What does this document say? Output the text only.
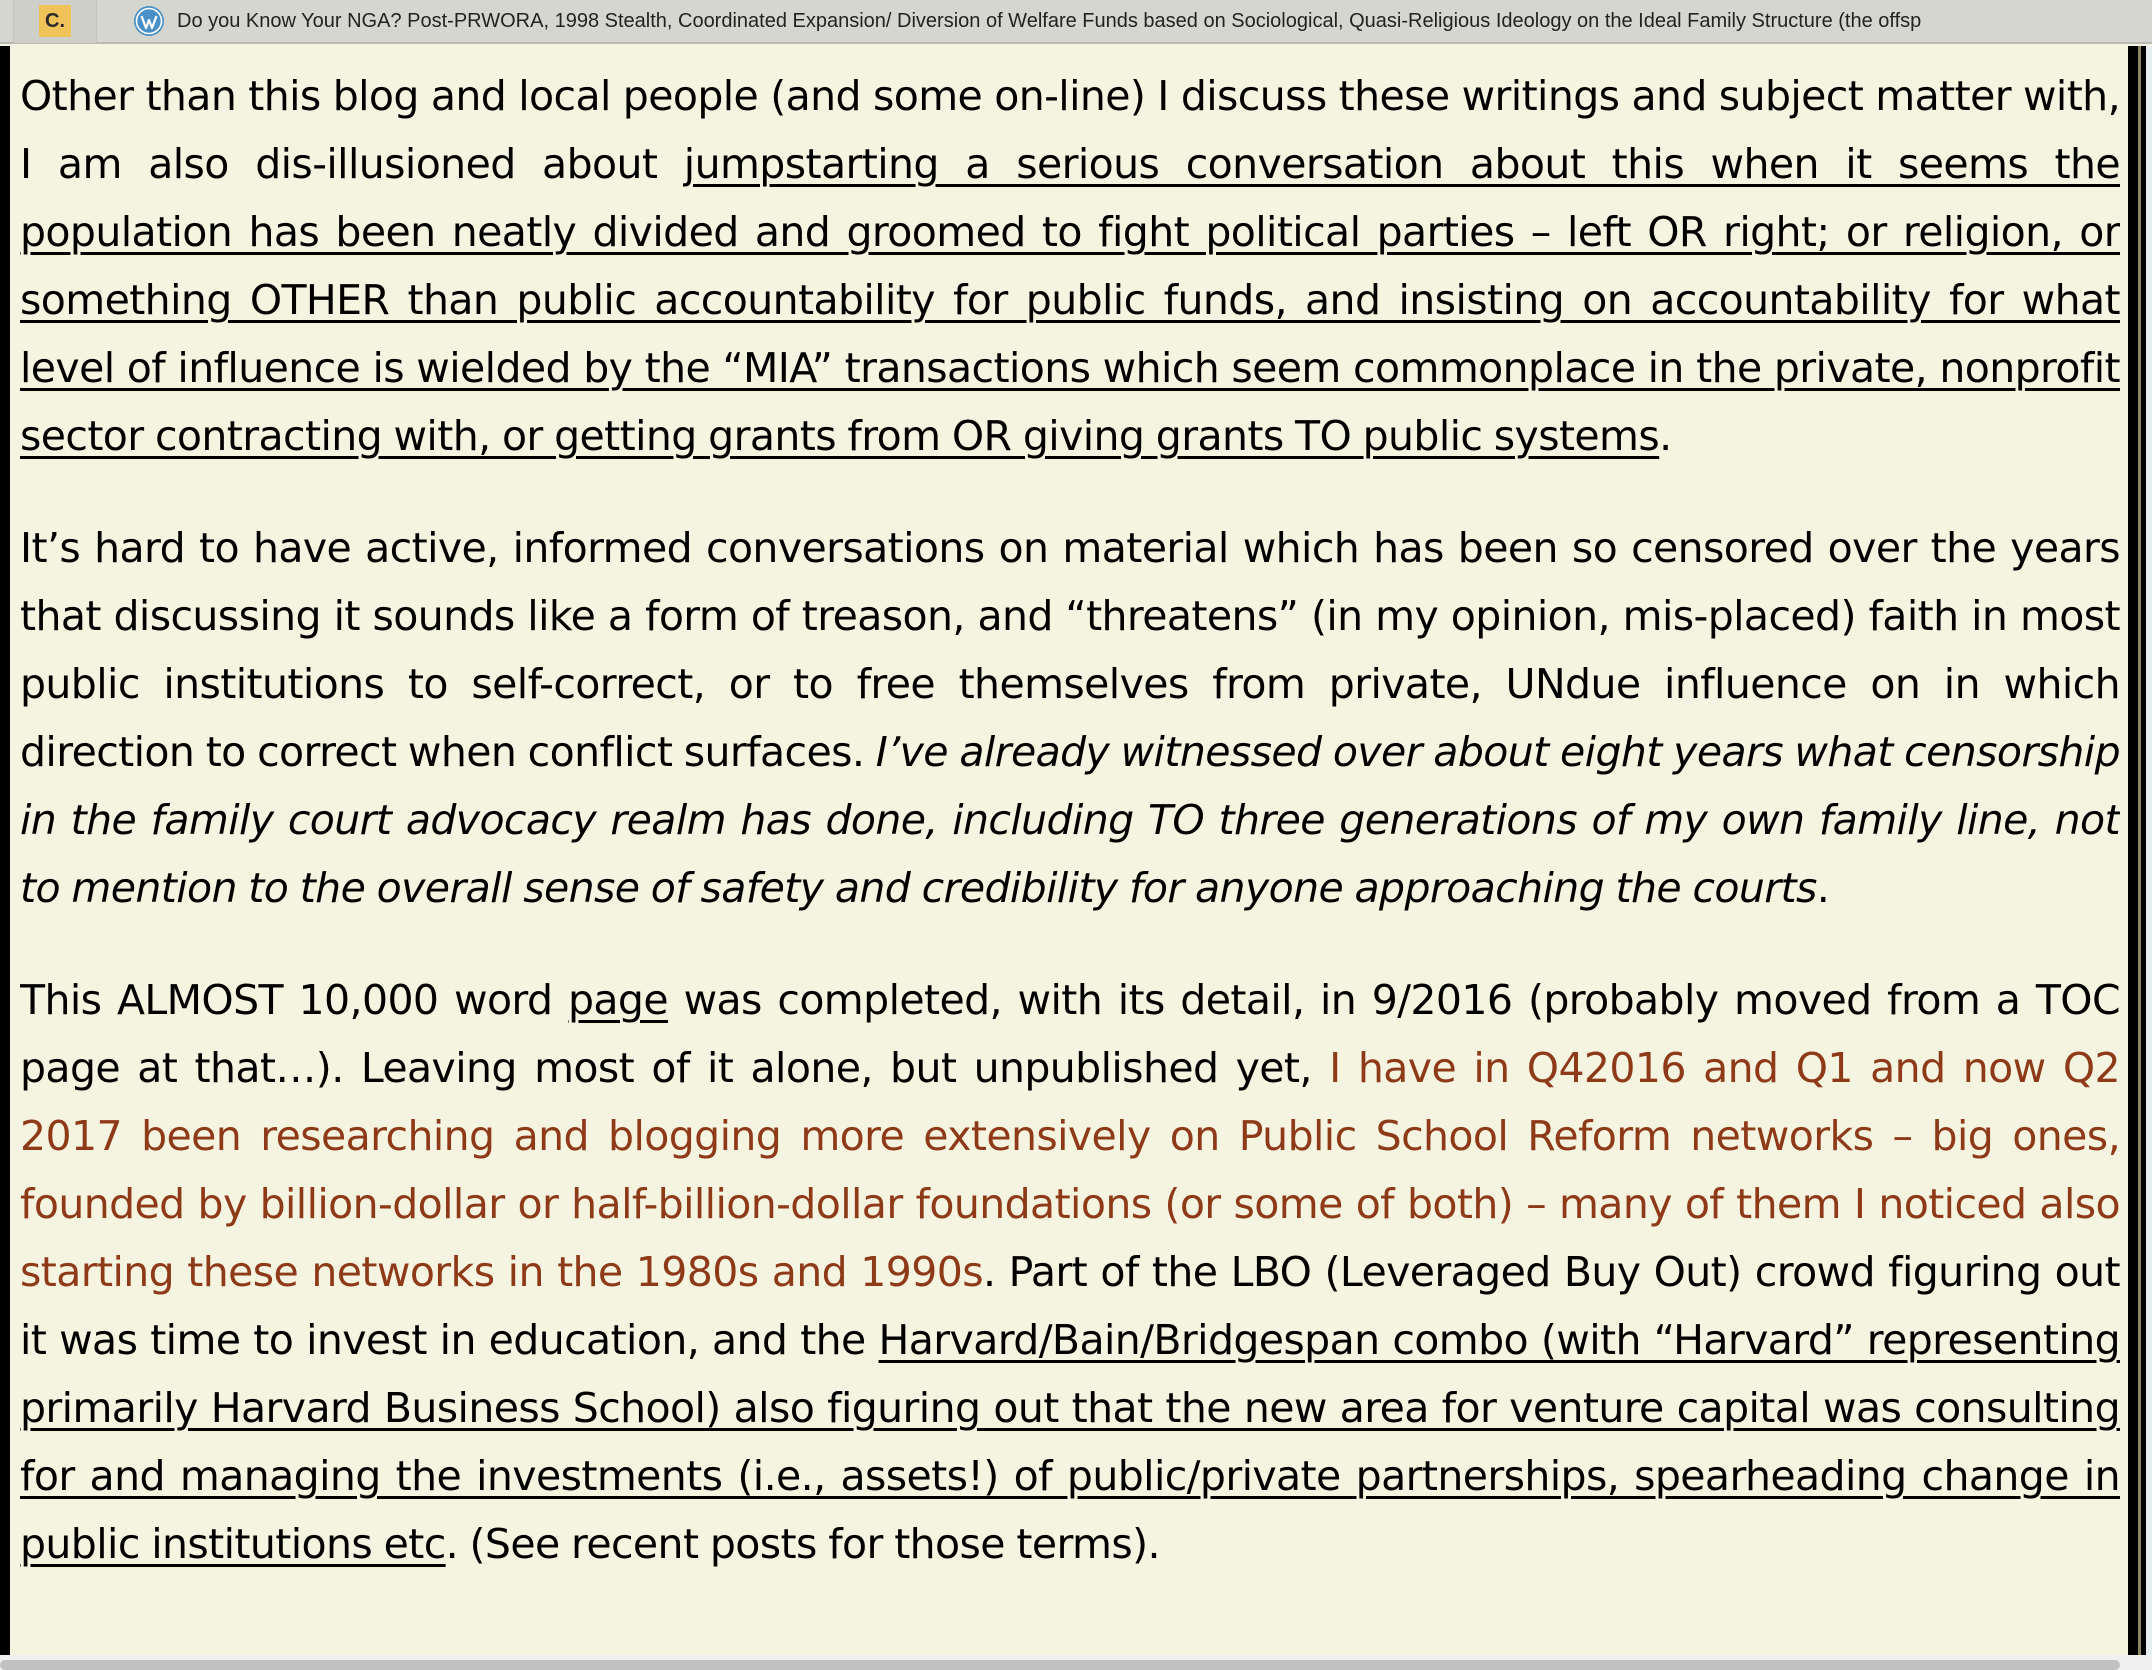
C.	Do you Know Your NGA? Post-PRWORA, 1998 Stealth, Coordinated Expansion/ Diversion of Welfare Funds based on Sociological, Quasi-Religious Ideology on the Ideal Family Structure (the offsp

Other than this blog and local people (and some on-line) I discuss these writings and subject matter with, I am also dis-illusioned about jumpstarting a serious conversation about this when it seems the population has been neatly divided and groomed to fight political parties – left OR right; or religion, or something OTHER than public accountability for public funds, and insisting on accountability for what level of influence is wielded by the “MIA” transactions which seem commonplace in the private, nonprofit sector contracting with, or getting grants from OR giving grants TO public systems.

It’s hard to have active, informed conversations on material which has been so censored over the years that discussing it sounds like a form of treason, and “threatens” (in my opinion, mis-placed) faith in most public institutions to self-correct, or to free themselves from private, UNdue influence on in which direction to correct when conflict surfaces. I’ve already witnessed over about eight years what censorship in the family court advocacy realm has done, including TO three generations of my own family line, not to mention to the overall sense of safety and credibility for anyone approaching the courts.

This ALMOST 10,000 word page was completed, with its detail, in 9/2016 (probably moved from a TOC page at that…). Leaving most of it alone, but unpublished yet, I have in Q42016 and Q1 and now Q2 2017 been researching and blogging more extensively on Public School Reform networks – big ones, founded by billion-dollar or half-billion-dollar foundations (or some of both) – many of them I noticed also starting these networks in the 1980s and 1990s. Part of the LBO (Leveraged Buy Out) crowd figuring out it was time to invest in education, and the Harvard/Bain/Bridgespan combo (with “Harvard” representing primarily Harvard Business School) also figuring out that the new area for venture capital was consulting for and managing the investments (i.e., assets!) of public/private partnerships, spearheading change in public institutions etc. (See recent posts for those terms).
